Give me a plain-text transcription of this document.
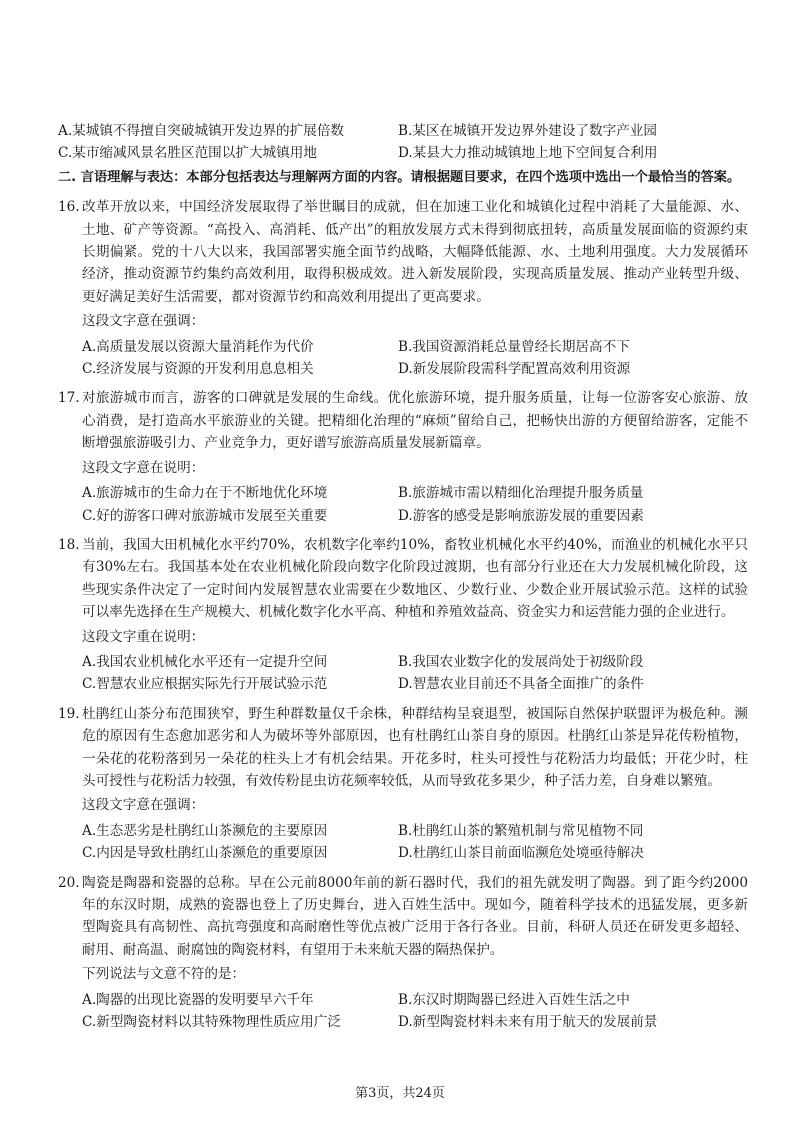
A.某城镇不得擅自突破城镇开发边界的扩展倍数	B.某区在城镇开发边界外建设了数字产业园
C.某市缩减风景名胜区范围以扩大城镇用地	D.某县大力推动城镇地上地下空间复合利用
二. 言语理解与表达：本部分包括表达与理解两方面的内容。请根据题目要求，在四个选项中选出一个最恰当的答案。
16. 改革开放以来，中国经济发展取得了举世瞩目的成就，但在加速工业化和城镇化过程中消耗了大量能源、水、土地、矿产等资源。“高投入、高消耗、低产出”的粗放发展方式未得到彻底扭转，高质量发展面临的资源约束长期偏紧。党的十八大以来，我国部署实施全面节约战略，大幅降低能源、水、土地利用强度。大力发展循环经济，推动资源节约集约高效利用，取得积极成效。进入新发展阶段，实现高质量发展、推动产业转型升级、更好满足美好生活需要，都对资源节约和高效利用提出了更高要求。
这段文字意在强调：
A.高质量发展以资源大量消耗作为代价	B.我国资源消耗总量曾经长期居高不下
C.经济发展与资源的开发利用息息相关	D.新发展阶段需科学配置高效利用资源
17. 对旅游城市而言，游客的口碑就是发展的生命线。优化旅游环境，提升服务质量，让每一位游客安心旅游、放心消费，是打造高水平旅游业的关键。把精细化治理的“麻烦”留给自己，把畅快出游的方便留给游客，定能不断增强旅游吸引力、产业竞争力，更好谱写旅游高质量发展新篇章。
这段文字意在说明：
A.旅游城市的生命力在于不断地优化环境	B.旅游城市需以精细化治理提升服务质量
C.好的游客口碑对旅游城市发展至关重要	D.游客的感受是影响旅游发展的重要因素
18. 当前，我国大田机械化水平约70%，农机数字化率约10%，畜牧业机械化水平约40%，而渔业的机械化水平只有30%左右。我国基本处在农业机械化阶段向数字化阶段过渡期，也有部分行业还在大力发展机械化阶段，这些现实条件决定了一定时间内发展智慧农业需要在少数地区、少数行业、少数企业开展试验示范。这样的试验可以率先选择在生产规模大、机械化数字化水平高、种植和养殖效益高、资金实力和运营能力强的企业进行。
这段文字重在说明：
A.我国农业机械化水平还有一定提升空间	B.我国农业数字化的发展尚处于初级阶段
C.智慧农业应根据实际先行开展试验示范	D.智慧农业目前还不具备全面推广的条件
19. 杜鹃红山茶分布范围狭窄，野生种群数量仅千余株，种群结构呈衰退型，被国际自然保护联盟评为极危种。濒危的原因有生态愈加恶劣和人为破坏等外部原因，也有杜鹃红山茶自身的原因。杜鹃红山茶是异花传粉植物，一朵花的花粉落到另一朵花的柱头上才有机会结果。开花多时，柱头可授性与花粉活力均最低；开花少时，柱头可授性与花粉活力较强，有效传粉昆虫访花频率较低，从而导致花多果少，种子活力差，自身难以繁殖。
这段文字意在强调：
A.生态恶劣是杜鹃红山茶濒危的主要原因	B.杜鹃红山茶的繁殖机制与常见植物不同
C.内因是导致杜鹃红山茶濒危的重要原因	D.杜鹃红山茶目前面临濒危处境亟待解决
20. 陶瓷是陶器和瓷器的总称。早在公元前8000年前的新石器时代，我们的祖先就发明了陶器。到了距今约2000年的东汉时期，成熟的瓷器也登上了历史舞台，进入百姓生活中。现如今，随着科学技术的迅猛发展，更多新型陶瓷具有高韧性、高抗弯强度和高耐磨性等优点被广泛用于各行各业。目前，科研人员还在研发更多超轻、耐用、耐高温、耐腐蚀的陶瓷材料，有望用于未来航天器的隔热保护。
下列说法与文意不符的是：
A.陶器的出现比瓷器的发明要早六千年	B.东汉时期陶器已经进入百姓生活之中
C.新型陶瓷材料以其特殊物理性质应用广泛	D.新型陶瓷材料未来有用于航天的发展前景
第3页，共24页
